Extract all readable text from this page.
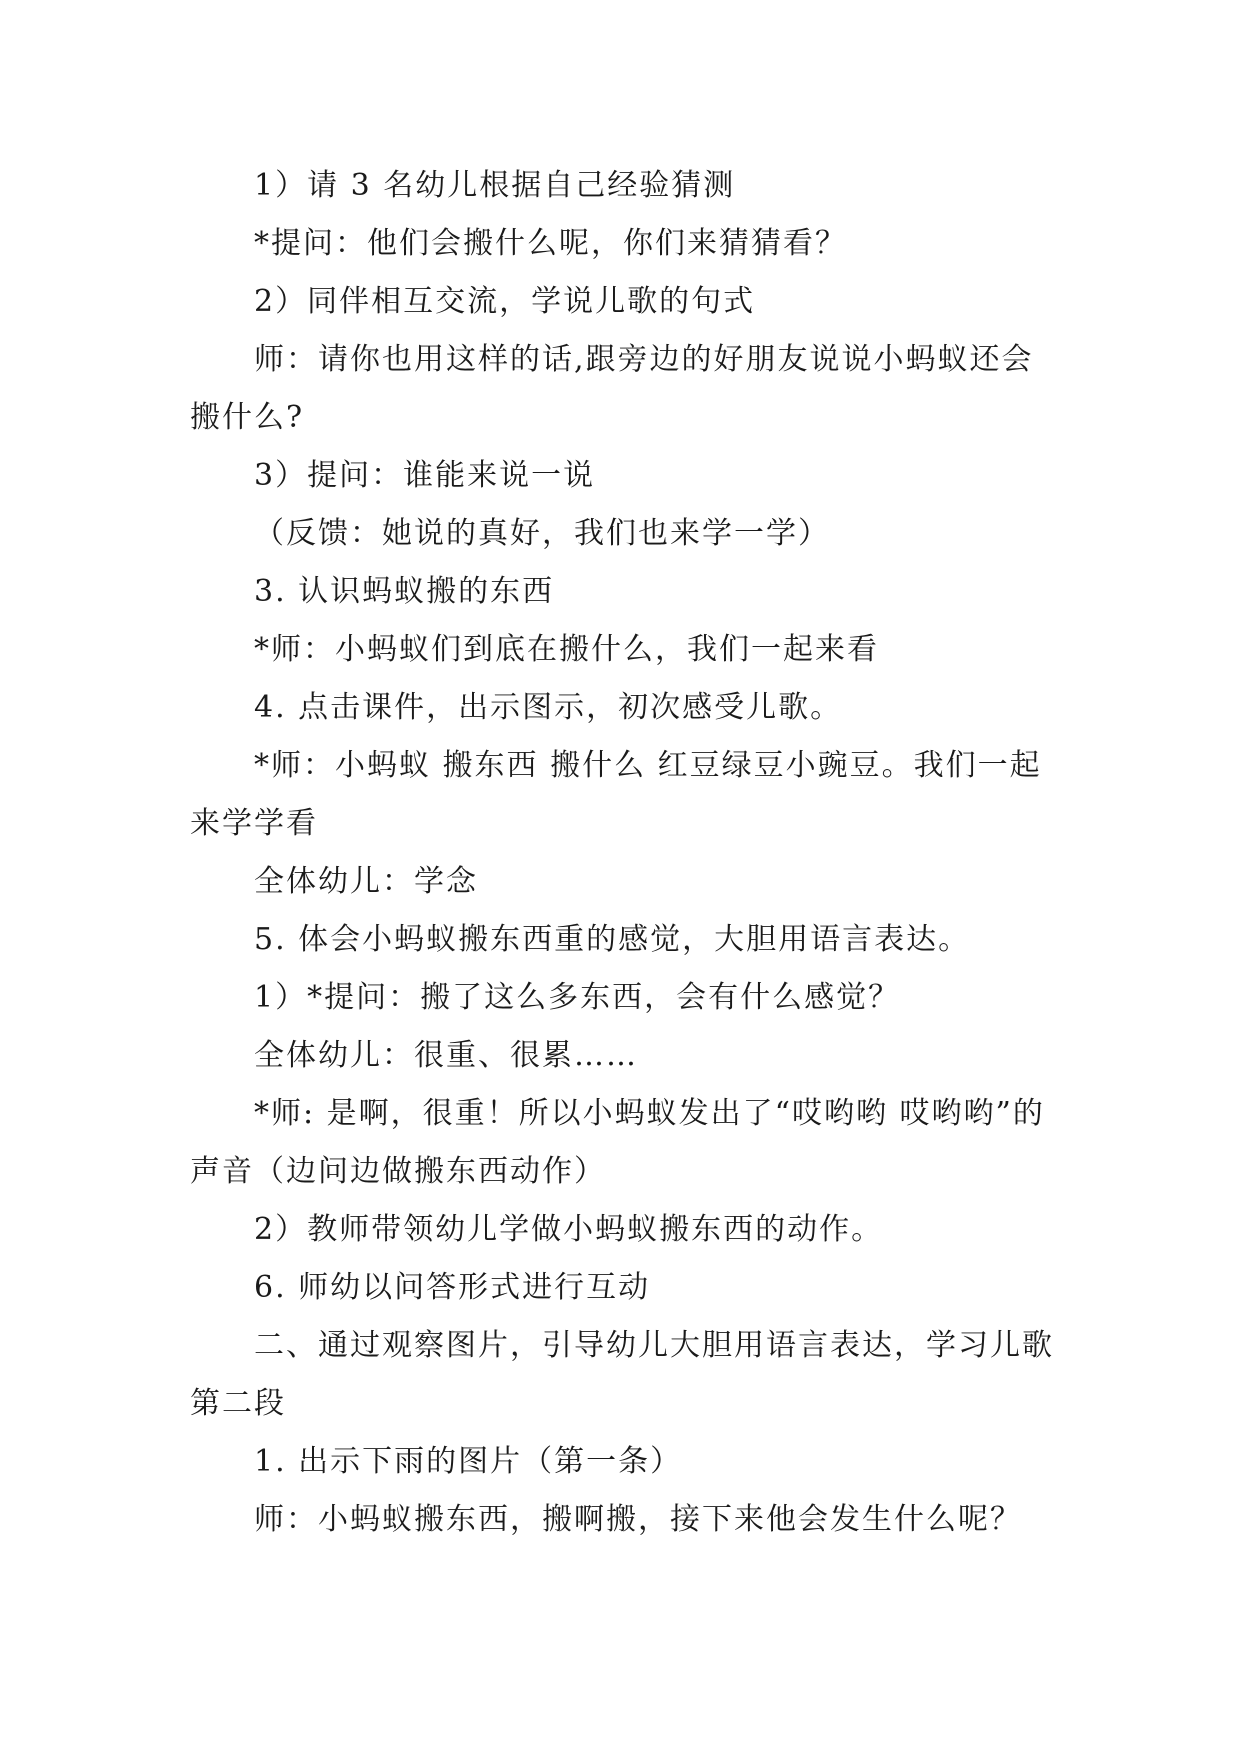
1）请 3 名幼儿根据自己经验猜测

*提问：他们会搬什么呢，你们来猜猜看？

2）同伴相互交流，学说儿歌的句式

师：请你也用这样的话,跟旁边的好朋友说说小蚂蚁还会搬什么?

3）提问：谁能来说一说

（反馈：她说的真好，我们也来学一学）

3. 认识蚂蚁搬的东西

*师：小蚂蚁们到底在搬什么，我们一起来看

4. 点击课件，出示图示，初次感受儿歌。

*师：小蚂蚁 搬东西 搬什么 红豆绿豆小豌豆。我们一起来学学看

全体幼儿：学念

5. 体会小蚂蚁搬东西重的感觉，大胆用语言表达。

1）*提问：搬了这么多东西，会有什么感觉？

全体幼儿：很重、很累……

*师: 是啊，很重！所以小蚂蚁发出了“哎哟哟 哎哟哟”的声音（边问边做搬东西动作）

2）教师带领幼儿学做小蚂蚁搬东西的动作。

6. 师幼以问答形式进行互动

二、通过观察图片，引导幼儿大胆用语言表达，学习儿歌第二段

1. 出示下雨的图片（第一条）

师：小蚂蚁搬东西，搬啊搬，接下来他会发生什么呢？
